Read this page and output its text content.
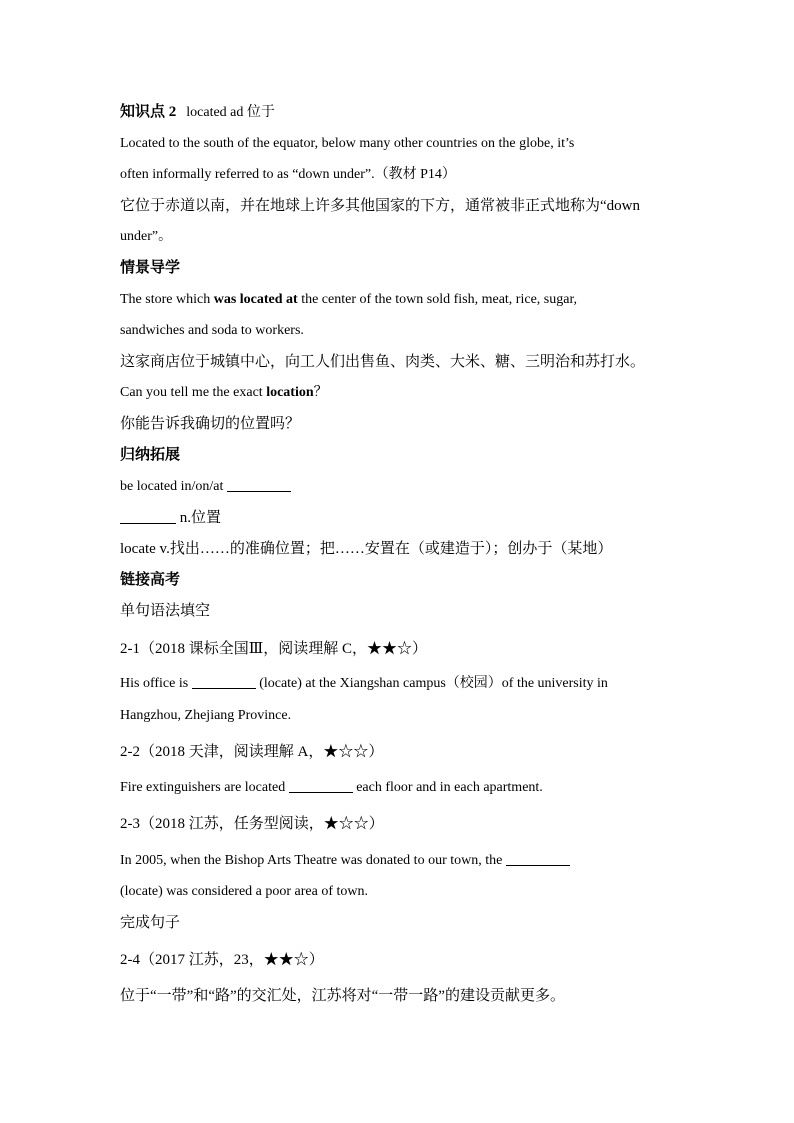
知识点 2 located ad 位于
Located to the south of the equator, below many other countries on the globe, it’s
often informally referred to as “down under”.（教材 P14）
它位于赤道以南，并在地球上许多其他国家的下方，通常被非正式地称为“down
under”。
情景导学
The store which was located at the center of the town sold fish, meat, rice, sugar,
sandwiches and soda to workers.
这家商店位于城镇中心，向工人们出售鱼、肉类、大米、糖、三明治和苏打水。
Can you tell me the exact location？
你能告诉我确切的位置吗？
归纳拓展
be located in/on/at
n.位置
locate v.找出……的准确位置；把……安置在（或建造于）；创办于（某地）
链接高考
单句语法填空
2-1（2018 课标全国Ⅲ，阅读理解 C，★★☆）
His office is	(locate) at the Xiangshan campus（校园）of the university in
Hangzhou, Zhejiang Province.
2-2（2018 天津，阅读理解 A，★☆☆）
Fire extinguishers are located	each floor and in each apartment.
2-3（2018 江苏，任务型阅读，★☆☆）
In 2005, when the Bishop Arts Theatre was donated to our town, the
(locate) was considered a poor area of town.
完成句子
2-4（2017 江苏，23，★★☆）
位于“一带”和“路”的交汇处，江苏将对“一带一路”的建设贡献更多。
